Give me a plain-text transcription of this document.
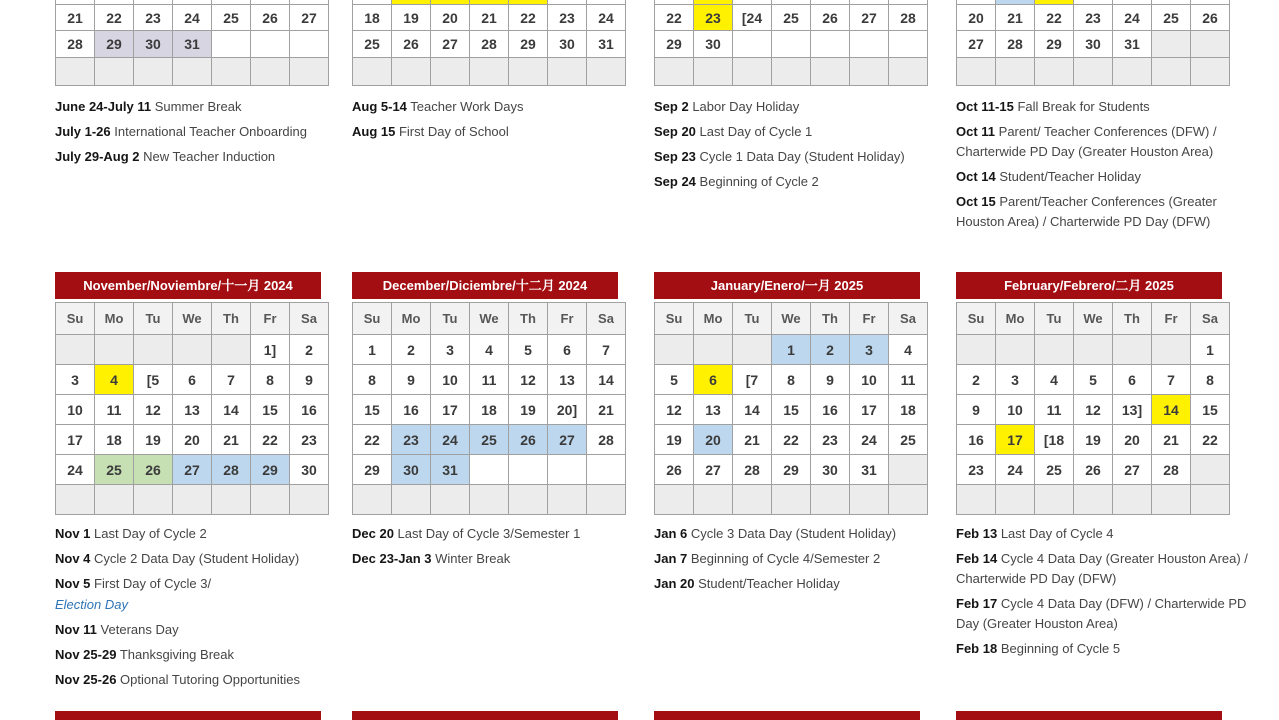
21	22	23	24	25	26	27
28	29	30	31			

June 24-July 11 Summer Break
July 1-26 International Teacher Onboarding
July 29-Aug 2 New Teacher Induction

18	19	20	21	22	23	24
25	26	27	28	29	30	31

Aug 5-14 Teacher Work Days
Aug 15 First Day of School

22	23	[24	25	26	27	28
29	30					

Sep 2 Labor Day Holiday
Sep 20 Last Day of Cycle 1
Sep 23 Cycle 1 Data Day (Student Holiday)
Sep 24 Beginning of Cycle 2

20	21	22	23	24	25	26
27	28	29	30	31		

Oct 11-15 Fall Break for Students
Oct 11 Parent/ Teacher Conferences (DFW) / Charterwide PD Day (Greater Houston Area)
Oct 14 Student/Teacher Holiday
Oct 15 Parent/Teacher Conferences (Greater Houston Area) / Charterwide PD Day (DFW)
November/Noviembre/十一月 2024
Su	Mo	Tu	We	Th	Fr	Sa
					1]	2
3	4	[5	6	7	8	9
10	11	12	13	14	15	16
17	18	19	20	21	22	23
24	25	26	27	28	29	30

Nov 1 Last Day of Cycle 2
Nov 4 Cycle 2 Data Day (Student Holiday)
Nov 5 First Day of Cycle 3/
Election Day
Nov 11 Veterans Day
Nov 25-29 Thanksgiving Break
Nov 25-26 Optional Tutoring Opportunities
December/Diciembre/十二月 2024
Su	Mo	Tu	We	Th	Fr	Sa
1	2	3	4	5	6	7
8	9	10	11	12	13	14
15	16	17	18	19	20]	21
22	23	24	25	26	27	28
29	30	31				

Dec 20 Last Day of Cycle 3/Semester 1
Dec 23-Jan 3 Winter Break
January/Enero/一月 2025
Su	Mo	Tu	We	Th	Fr	Sa
			1	2	3	4
5	6	[7	8	9	10	11
12	13	14	15	16	17	18
19	20	21	22	23	24	25
26	27	28	29	30	31	

Jan 6 Cycle 3 Data Day (Student Holiday)
Jan 7 Beginning of Cycle 4/Semester 2
Jan 20 Student/Teacher Holiday
February/Febrero/二月 2025
Su	Mo	Tu	We	Th	Fr	Sa
						1
2	3	4	5	6	7	8
9	10	11	12	13]	14	15
16	17	[18	19	20	21	22
23	24	25	26	27	28	

Feb 13 Last Day of Cycle 4
Feb 14 Cycle 4 Data Day (Greater Houston Area) / Charterwide PD Day (DFW)
Feb 17 Cycle 4 Data Day (DFW) / Charterwide PD Day (Greater Houston Area)
Feb 18 Beginning of Cycle 5
